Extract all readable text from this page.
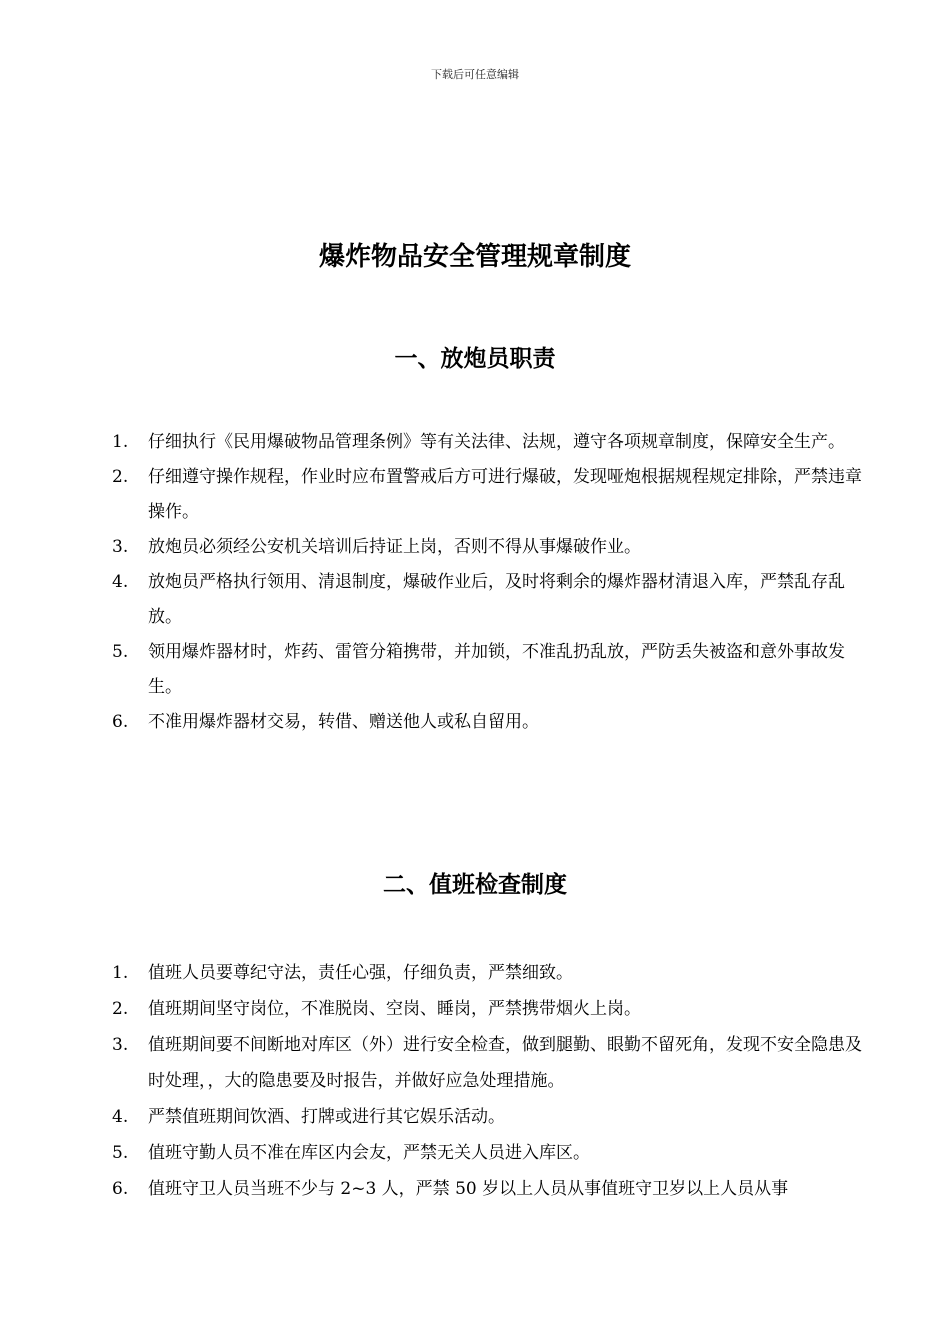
下载后可任意编辑
爆炸物品安全管理规章制度
一、放炮员职责
1.	仔细执行《民用爆破物品管理条例》等有关法律、法规，遵守各项规章制度，保障安全生产。
2.	仔细遵守操作规程，作业时应布置警戒后方可进行爆破，发现哑炮根据规程规定排除，严禁违章操作。
3.	放炮员必须经公安机关培训后持证上岗，否则不得从事爆破作业。
4.	放炮员严格执行领用、清退制度，爆破作业后，及时将剩余的爆炸器材清退入库，严禁乱存乱放。
5.	领用爆炸器材时，炸药、雷管分箱携带，并加锁，不准乱扔乱放，严防丢失被盗和意外事故发生。
6.	不准用爆炸器材交易，转借、赠送他人或私自留用。
二、值班检查制度
1.	值班人员要尊纪守法，责任心强，仔细负责，严禁细致。
2.	值班期间坚守岗位，不准脱岗、空岗、睡岗，严禁携带烟火上岗。
3.	值班期间要不间断地对库区（外）进行安全检查，做到腿勤、眼勤不留死角，发现不安全隐患及时处理，，大的隐患要及时报告，并做好应急处理措施。
4.	严禁值班期间饮酒、打牌或进行其它娱乐活动。
5.	值班守勤人员不准在库区内会友，严禁无关人员进入库区。
6.	值班守卫人员当班不少与 2~3 人，严禁 50 岁以上人员从事值班守卫岁以上人员从事
